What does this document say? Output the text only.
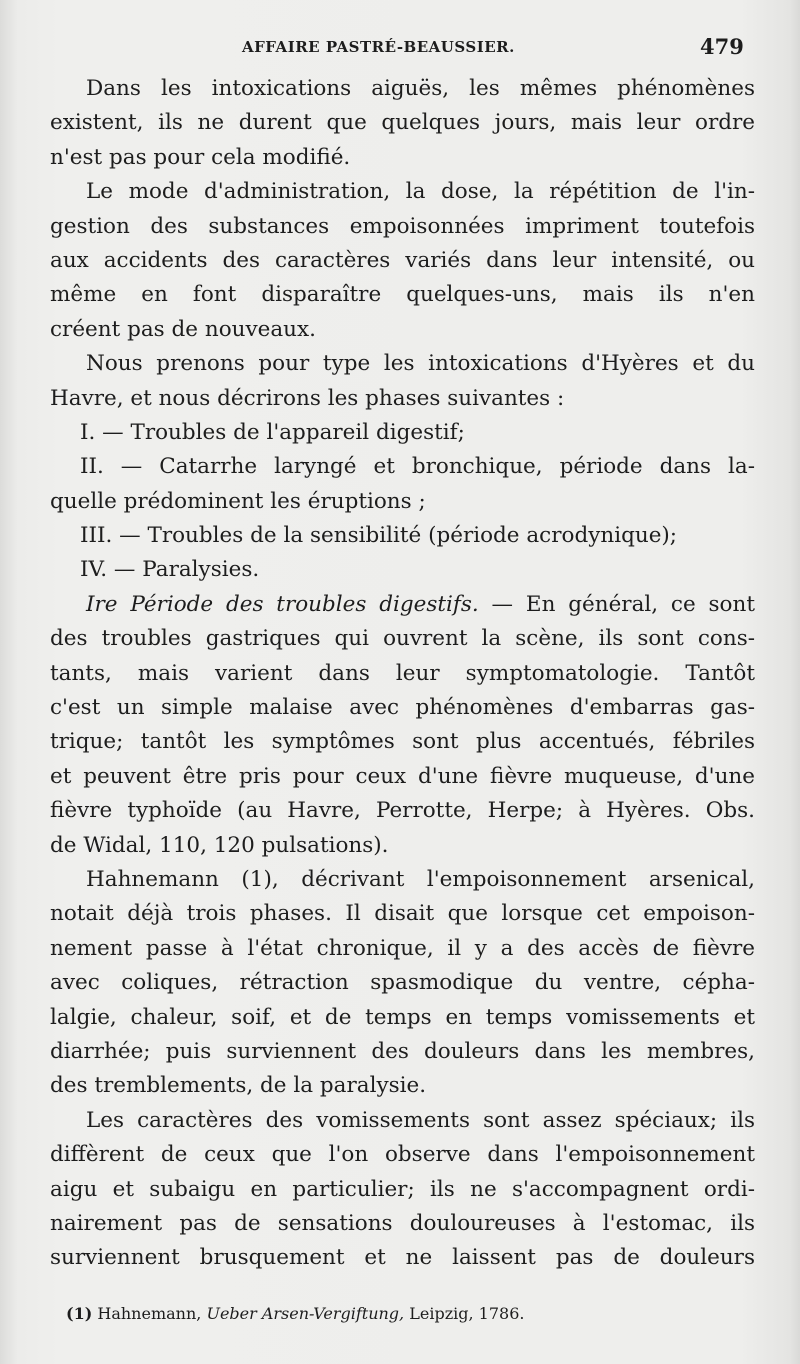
AFFAIRE PASTRÉ-BEAUSSIER.	479
Dans les intoxications aiguës, les mêmes phénomènes
existent, ils ne durent que quelques jours, mais leur ordre
n'est pas pour cela modifié.
Le mode d'administration, la dose, la répétition de l'in-
gestion des substances empoisonnées impriment toutefois
aux accidents des caractères variés dans leur intensité, ou
même en font disparaître quelques-uns, mais ils n'en
créent pas de nouveaux.
Nous prenons pour type les intoxications d'Hyères et du
Havre, et nous décrirons les phases suivantes :
I. — Troubles de l'appareil digestif;
II. — Catarrhe laryngé et bronchique, période dans la-
quelle prédominent les éruptions ;
III. — Troubles de la sensibilité (période acrodynique);
IV. — Paralysies.
Ire Période des troubles digestifs. — En général, ce sont
des troubles gastriques qui ouvrent la scène, ils sont cons-
tants, mais varient dans leur symptomatologie. Tantôt
c'est un simple malaise avec phénomènes d'embarras gas-
trique; tantôt les symptômes sont plus accentués, fébriles
et peuvent être pris pour ceux d'une fièvre muqueuse, d'une
fièvre typhoïde (au Havre, Perrotte, Herpe; à Hyères. Obs.
de Widal, 110, 120 pulsations).
Hahnemann (1), décrivant l'empoisonnement arsenical,
notait déjà trois phases. Il disait que lorsque cet empoison-
nement passe à l'état chronique, il y a des accès de fièvre
avec coliques, rétraction spasmodique du ventre, cépha-
lalgie, chaleur, soif, et de temps en temps vomissements et
diarrhée; puis surviennent des douleurs dans les membres,
des tremblements, de la paralysie.
Les caractères des vomissements sont assez spéciaux; ils
diffèrent de ceux que l'on observe dans l'empoisonnement
aigu et subaigu en particulier; ils ne s'accompagnent ordi-
nairement pas de sensations douloureuses à l'estomac, ils
surviennent brusquement et ne laissent pas de douleurs
(1) Hahnemann, Ueber Arsen-Vergiftung, Leipzig, 1786.
